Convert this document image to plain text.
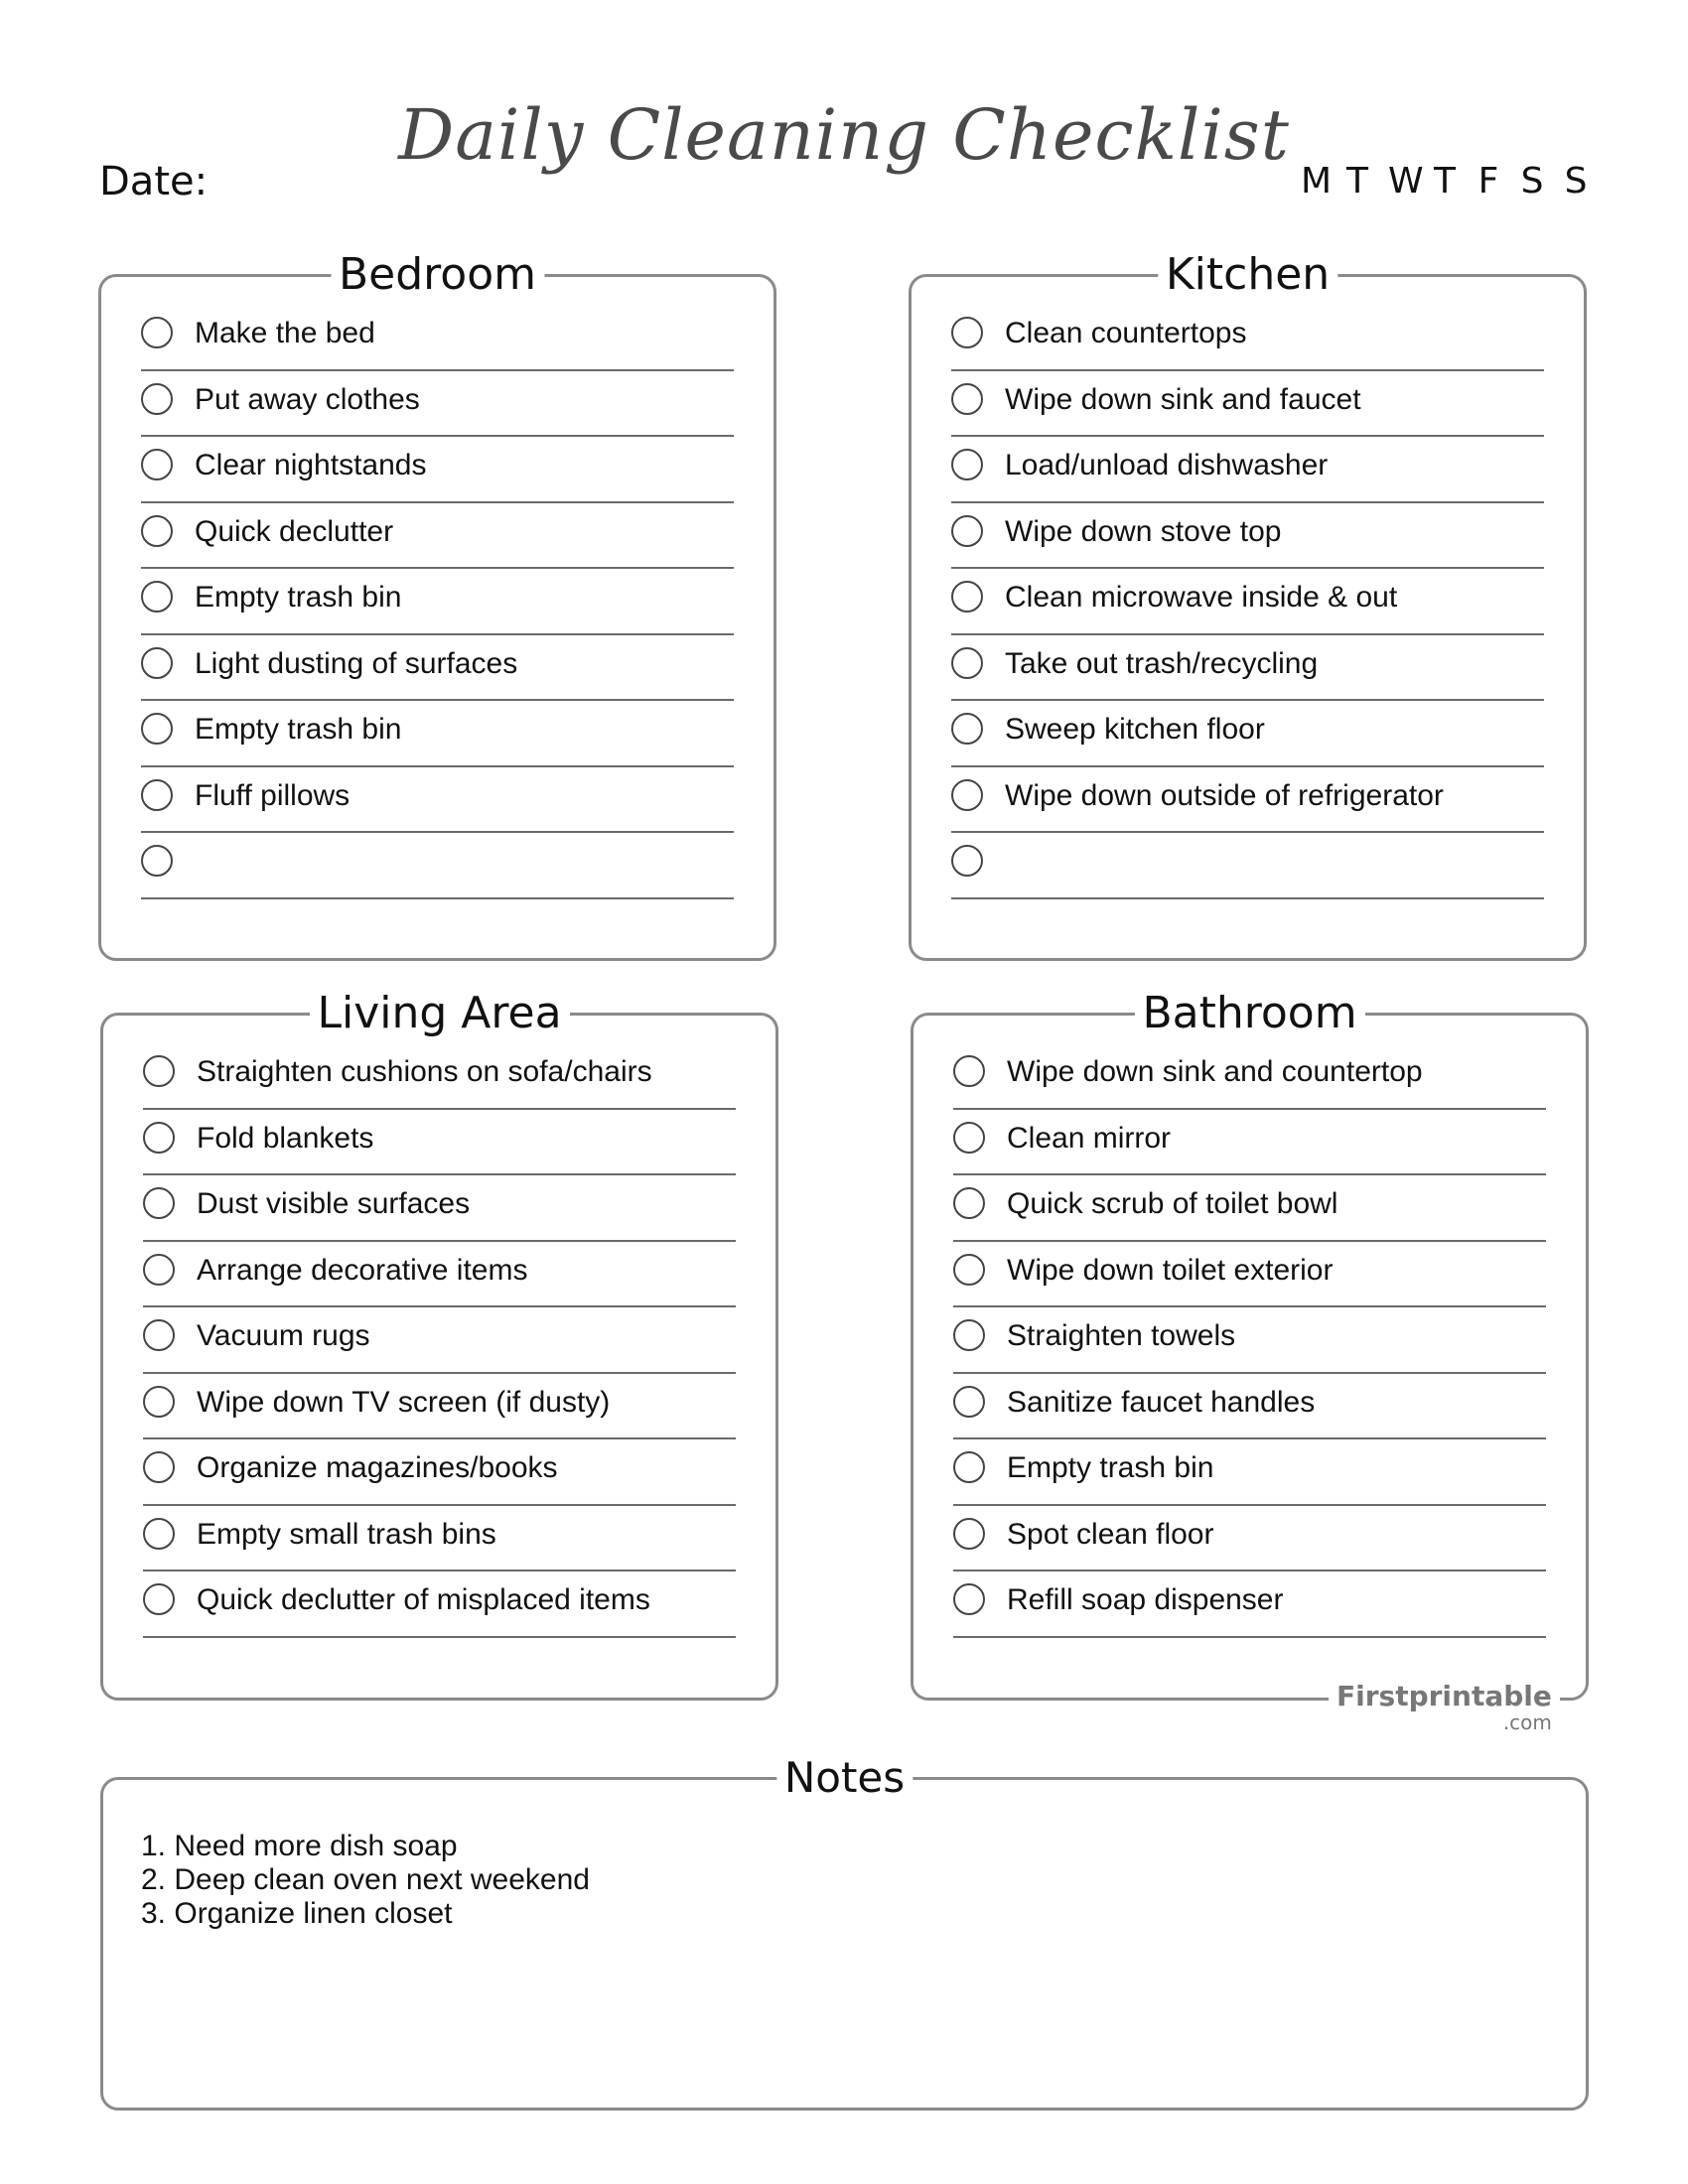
Daily Cleaning Checklist
Date:	M T W T F S S
Bedroom
Make the bed
Put away clothes
Clear nightstands
Quick declutter
Empty trash bin
Light dusting of surfaces
Empty trash bin
Fluff pillows
Kitchen
Clean countertops
Wipe down sink and faucet
Load/unload dishwasher
Wipe down stove top
Clean microwave inside & out
Take out trash/recycling
Sweep kitchen floor
Wipe down outside of refrigerator
Living Area
Straighten cushions on sofa/chairs
Fold blankets
Dust visible surfaces
Arrange decorative items
Vacuum rugs
Wipe down TV screen (if dusty)
Organize magazines/books
Empty small trash bins
Quick declutter of misplaced items
Bathroom
Wipe down sink and countertop
Clean mirror
Quick scrub of toilet bowl
Wipe down toilet exterior
Straighten towels
Sanitize faucet handles
Empty trash bin
Spot clean floor
Refill soap dispenser
Firstprintable
.com
Notes
1. Need more dish soap
2. Deep clean oven next weekend
3. Organize linen closet
